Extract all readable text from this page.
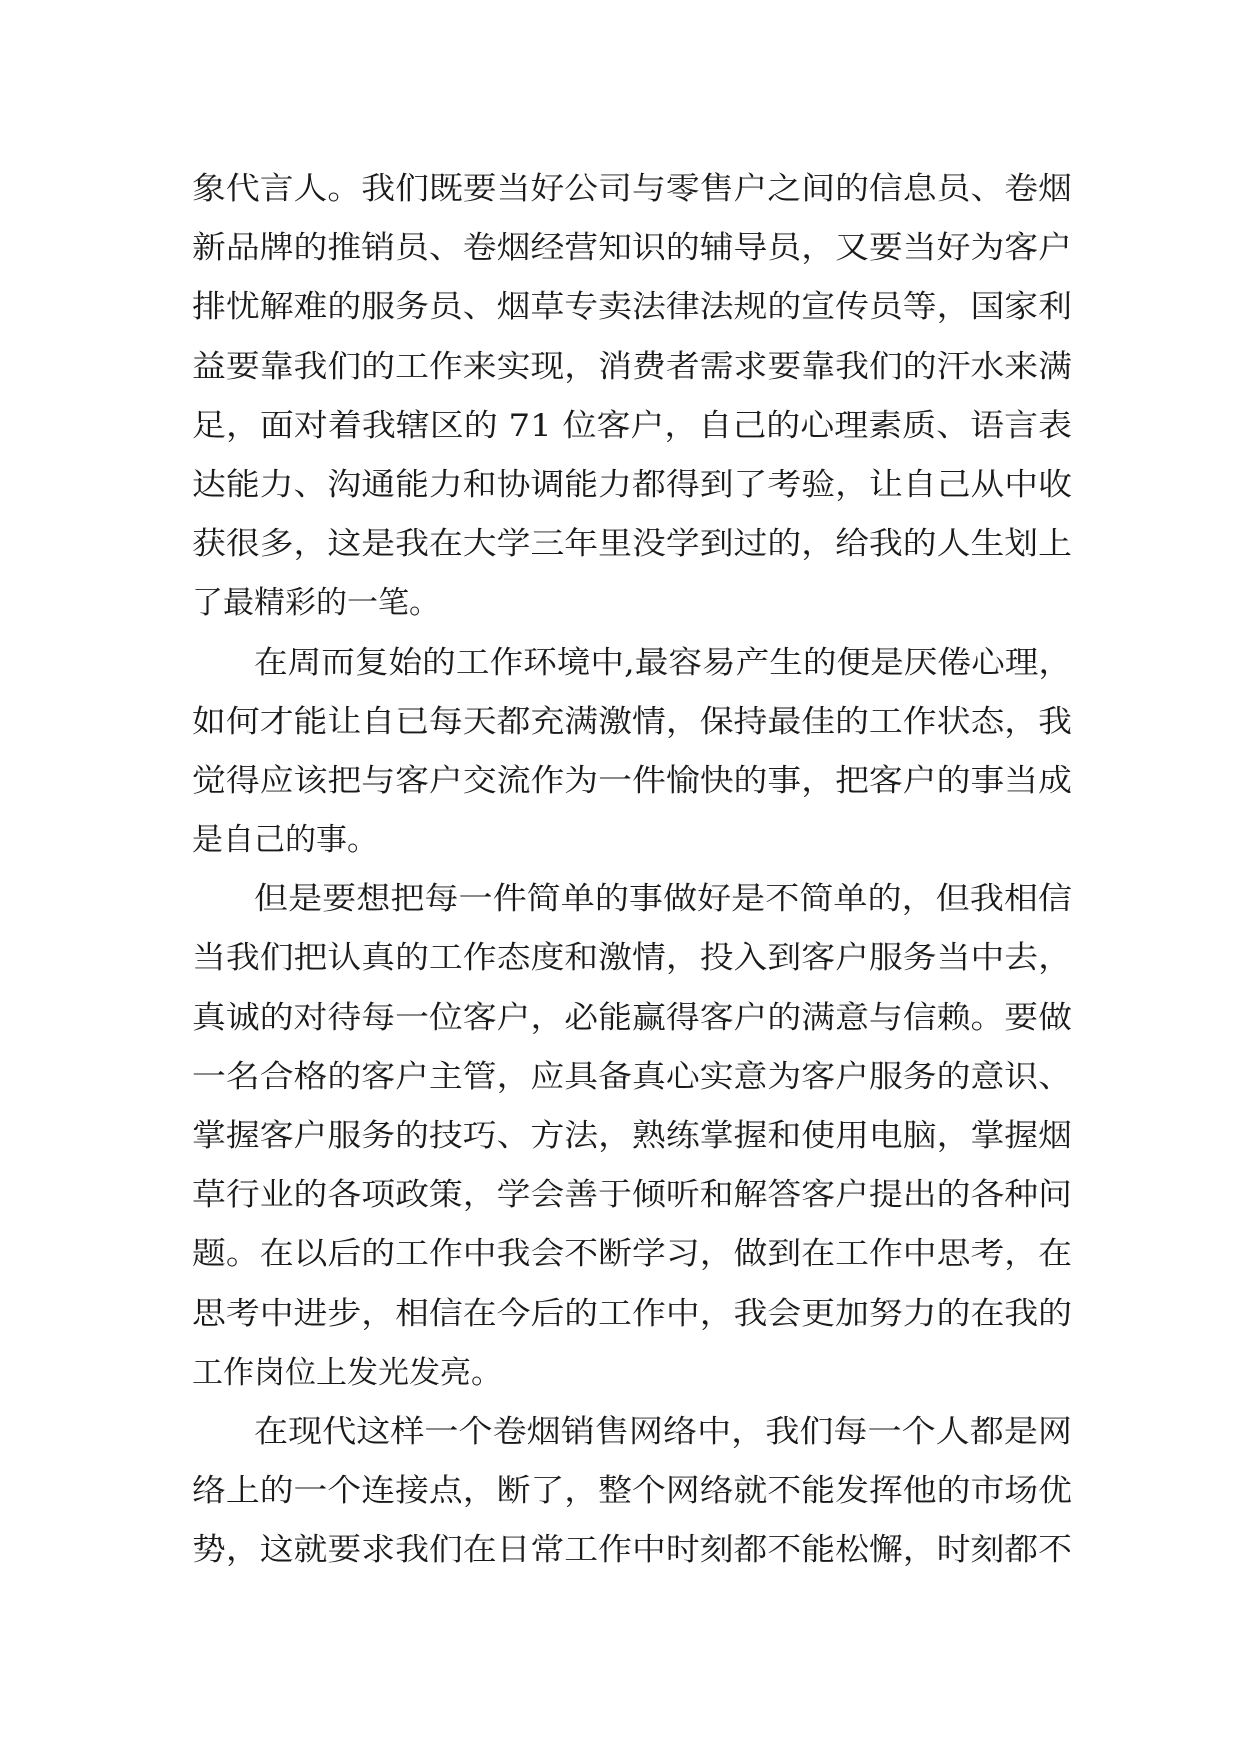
象代言人。我们既要当好公司与零售户之间的信息员、卷烟
新品牌的推销员、卷烟经营知识的辅导员，又要当好为客户
排忧解难的服务员、烟草专卖法律法规的宣传员等，国家利
益要靠我们的工作来实现，消费者需求要靠我们的汗水来满
足，面对着我辖区的 71 位客户，自己的心理素质、语言表
达能力、沟通能力和协调能力都得到了考验，让自己从中收
获很多，这是我在大学三年里没学到过的，给我的人生划上
了最精彩的一笔。
在周而复始的工作环境中,最容易产生的便是厌倦心理，
如何才能让自已每天都充满激情，保持最佳的工作状态，我
觉得应该把与客户交流作为一件愉快的事，把客户的事当成
是自己的事。
但是要想把每一件简单的事做好是不简单的，但我相信
当我们把认真的工作态度和激情，投入到客户服务当中去，
真诚的对待每一位客户，必能赢得客户的满意与信赖。要做
一名合格的客户主管，应具备真心实意为客户服务的意识、
掌握客户服务的技巧、方法，熟练掌握和使用电脑，掌握烟
草行业的各项政策，学会善于倾听和解答客户提出的各种问
题。在以后的工作中我会不断学习，做到在工作中思考，在
思考中进步，相信在今后的工作中，我会更加努力的在我的
工作岗位上发光发亮。
在现代这样一个卷烟销售网络中，我们每一个人都是网
络上的一个连接点，断了，整个网络就不能发挥他的市场优
势，这就要求我们在日常工作中时刻都不能松懈，时刻都不
